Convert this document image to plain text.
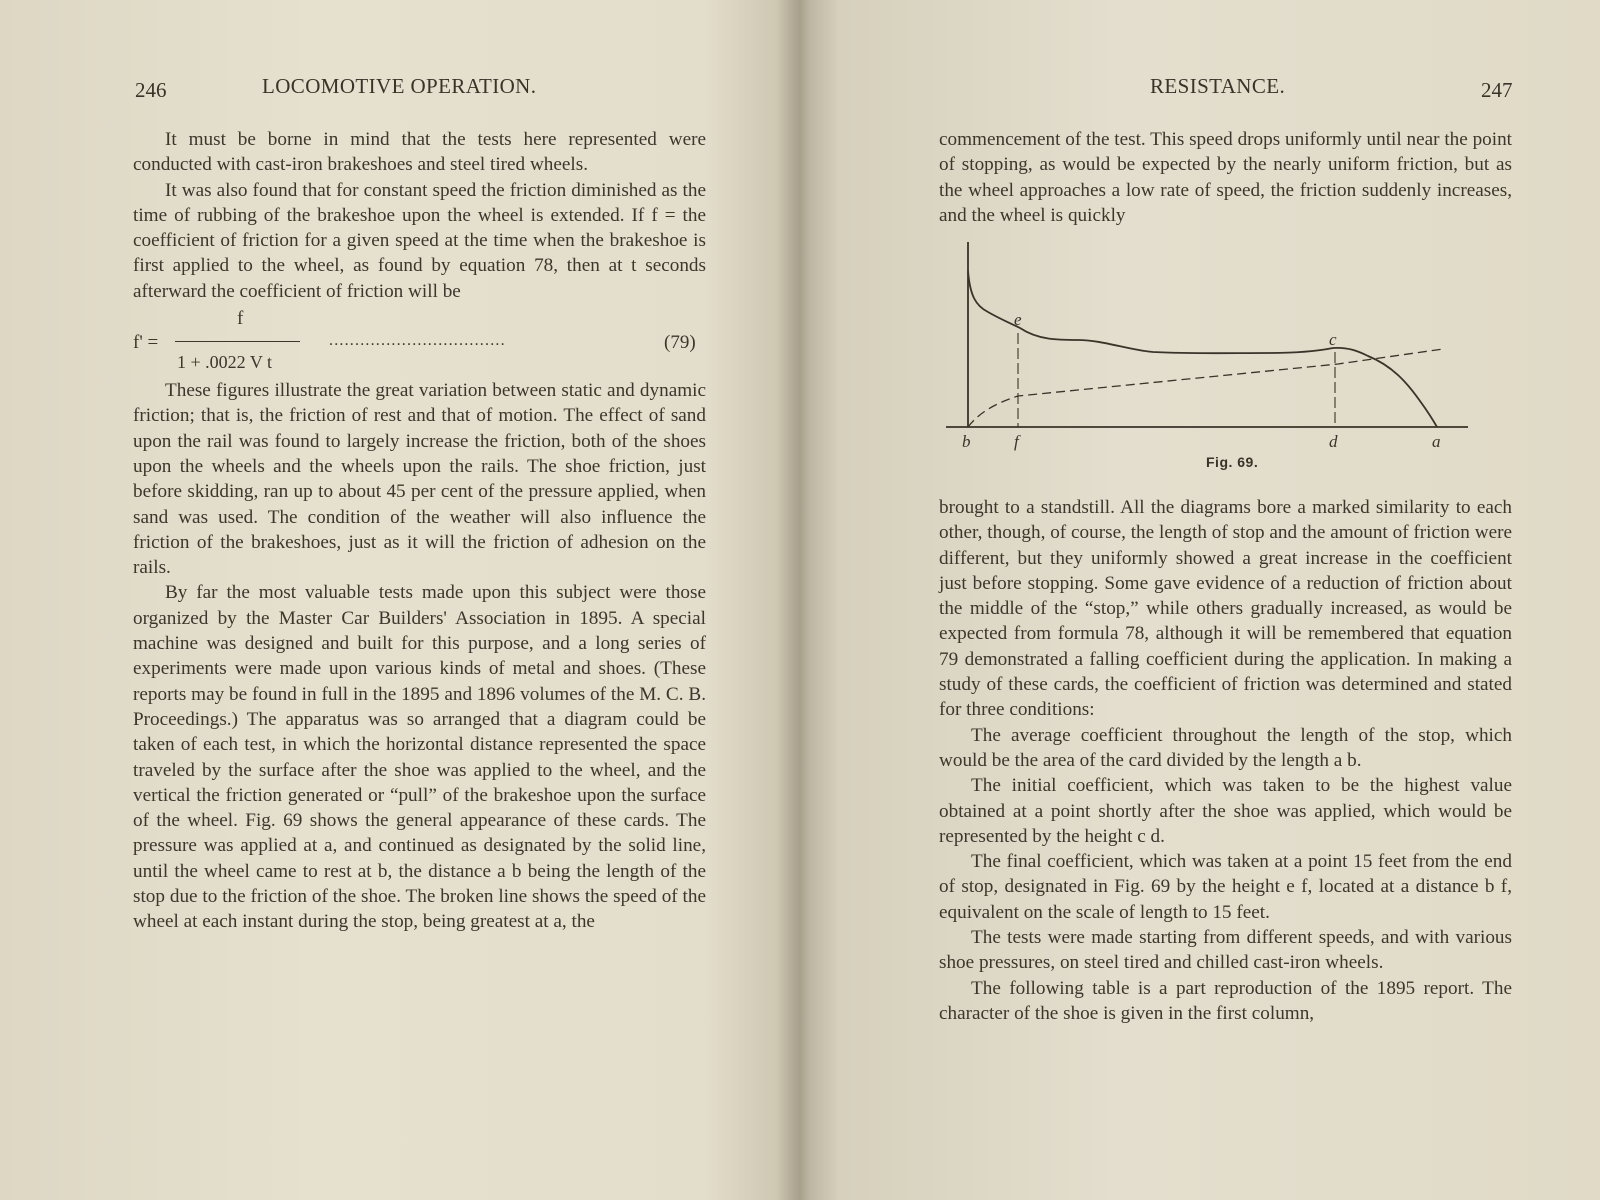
246	LOCOMOTIVE OPERATION.

It must be borne in mind that the tests here represented were conducted with cast-iron brakeshoes and steel tired wheels.

It was also found that for constant speed the friction diminished as the time of rubbing of the brakeshoe upon the wheel is extended. If f = the coefficient of friction for a given speed at the time when the brakeshoe is first applied to the wheel, as found by equation 78, then at t seconds afterward the coefficient of friction will be

f' =
f
1 + .0022 V t
..................................	(79)

These figures illustrate the great variation between static and dynamic friction; that is, the friction of rest and that of motion. The effect of sand upon the rail was found to largely increase the friction, both of the shoes upon the wheels and the wheels upon the rails. The shoe friction, just before skidding, ran up to about 45 per cent of the pressure applied, when sand was used. The condition of the weather will also influence the friction of the brakeshoes, just as it will the friction of adhesion on the rails.

By far the most valuable tests made upon this subject were those organized by the Master Car Builders' Association in 1895. A special machine was designed and built for this purpose, and a long series of experiments were made upon various kinds of metal and shoes. (These reports may be found in full in the 1895 and 1896 volumes of the M. C. B. Proceedings.) The apparatus was so arranged that a diagram could be taken of each test, in which the horizontal distance represented the space traveled by the surface after the shoe was applied to the wheel, and the vertical the friction generated or “pull” of the brakeshoe upon the surface of the wheel. Fig. 69 shows the general appearance of these cards. The pressure was applied at a, and continued as designated by the solid line, until the wheel came to rest at b, the distance a b being the length of the stop due to the friction of the shoe. The broken line shows the speed of the wheel at each instant during the stop, being greatest at a, the

RESISTANCE.	247

commencement of the test. This speed drops uniformly until near the point of stopping, as would be expected by the nearly uniform friction, but as the wheel approaches a low rate of speed, the friction suddenly increases, and the wheel is quickly

e
c
b	f	d	a
Fig. 69.

brought to a standstill. All the diagrams bore a marked similarity to each other, though, of course, the length of stop and the amount of friction were different, but they uniformly showed a great increase in the coefficient just before stopping. Some gave evidence of a reduction of friction about the middle of the “stop,” while others gradually increased, as would be expected from formula 78, although it will be remembered that equation 79 demonstrated a falling coefficient during the application. In making a study of these cards, the coefficient of friction was determined and stated for three conditions:

The average coefficient throughout the length of the stop, which would be the area of the card divided by the length a b.

The initial coefficient, which was taken to be the highest value obtained at a point shortly after the shoe was applied, which would be represented by the height c d.

The final coefficient, which was taken at a point 15 feet from the end of stop, designated in Fig. 69 by the height e f, located at a distance b f, equivalent on the scale of length to 15 feet.

The tests were made starting from different speeds, and with various shoe pressures, on steel tired and chilled cast-iron wheels.

The following table is a part reproduction of the 1895 report. The character of the shoe is given in the first column,
